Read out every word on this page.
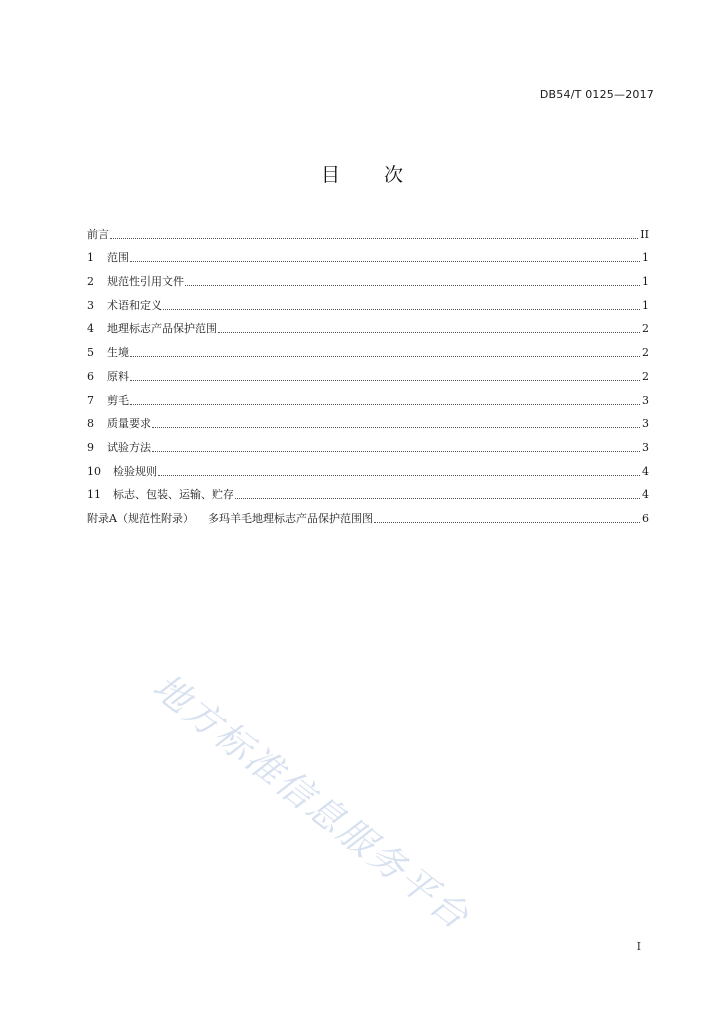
DB54/T 0125—2017
目 次
前言	II
1	范围	1
2	规范性引用文件	1
3	术语和定义	1
4	地理标志产品保护范围	2
5	生境	2
6	原料	2
7	剪毛	3
8	质量要求	3
9	试验方法	3
10	检验规则	4
11	标志、包装、运输、贮存	4
附录A（规范性附录）	多玛羊毛地理标志产品保护范围图	6
地方标准信息服务平台
I
